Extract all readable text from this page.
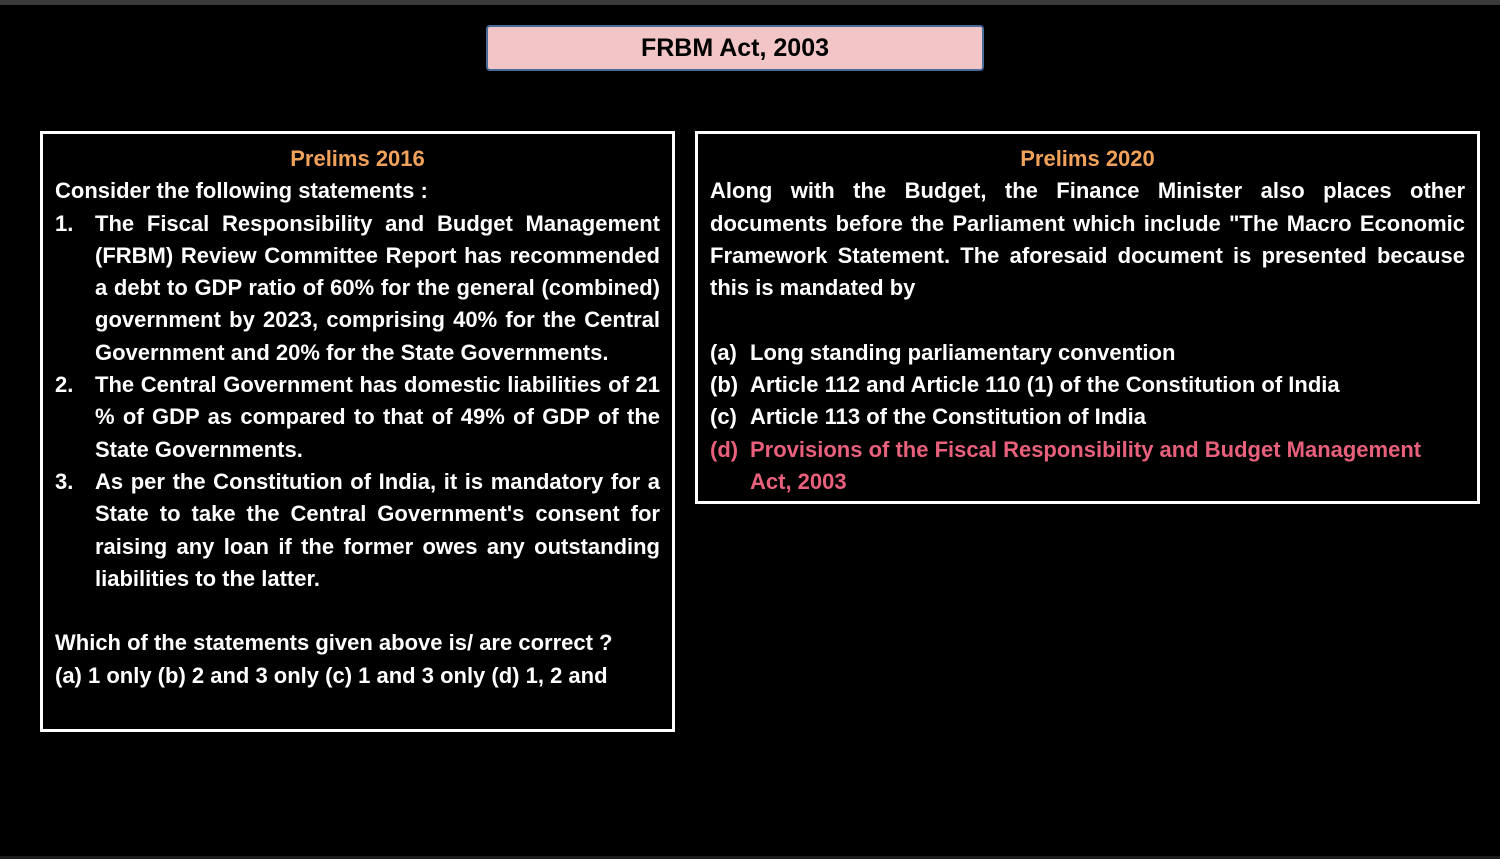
FRBM Act, 2003
Prelims 2016
Consider the following statements :
1. The Fiscal Responsibility and Budget Management (FRBM) Review Committee Report has recommended a debt to GDP ratio of 60% for the general (combined) government by 2023, comprising 40% for the Central Government and 20% for the State Governments.
2. The Central Government has domestic liabilities of 21 % of GDP as compared to that of 49% of GDP of the State Governments.
3. As per the Constitution of India, it is mandatory for a State to take the Central Government's consent for raising any loan if the former owes any outstanding liabilities to the latter.
Which of the statements given above is/ are correct ?
(a) 1 only (b) 2 and 3 only (c) 1 and 3 only (d) 1, 2 and
Prelims 2020
Along with the Budget, the Finance Minister also places other documents before the Parliament which include "The Macro Economic Framework Statement. The aforesaid document is presented because this is mandated by
(a) Long standing parliamentary convention
(b) Article 112 and Article 110 (1) of the Constitution of India
(c) Article 113 of the Constitution of India
(d) Provisions of the Fiscal Responsibility and Budget Management Act, 2003
